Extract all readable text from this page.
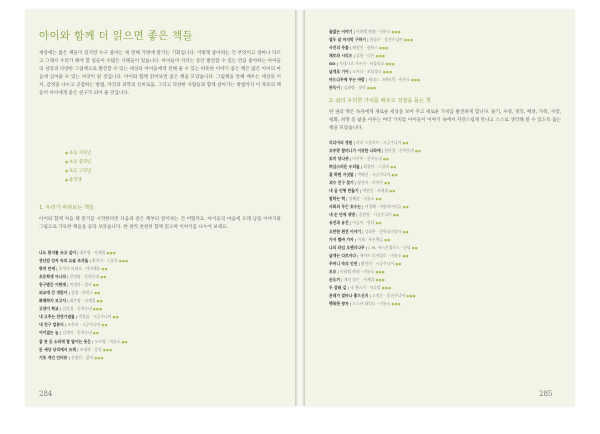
아이와 함께 더 읽으면 좋은 책들
세상에는 많은 책들이 있지만 누구 좋아는 세 번째 가방에 딸기는 기회입니다. 어떻게 좋아하는 건 무엇이고 얼마나 다르고 그래서 우리가 해야 할 일들이 수많은 사례들이 있습니다. 아이들이 자라는 동안 발견할 수 있는 만큼 좋아하는 아이들의 성장과 다양한 그림책으로 발견할 수 있는 세상과 아이들에게 전해 줄 수 있는 따뜻한 이야기 좋은 책은 많은 아이의 마음에 심어줄 수 있는 씨앗이 될 것입니다. 아이와 함께 읽어보면 좋은 책을 모았습니다. 그림책을 통해 배우는 세상의 이치, 감정을 나누고 공감하는 방법, 자연과 과학의 신비로움, 그리고 다양한 사람들과 함께 살아가는 방법까지 이 목록의 책들이 아이에게 좋은 친구가 되어 줄 것입니다.
● 초등 저학년
● 초등 중학년
● 초등 고학년
● 중학생
1. 우리가 바라보는 책들
아이와 함께 처음 책 읽기를 시작한다면 다음과 같은 책부터 읽어보는 건 어떨까요. 아이들의 마음에 오래 남을 이야기와 그림으로 가득한 책들을 골라 보았습니다. 한 권씩 천천히 함께 읽으며 이야기를 나누어 보세요.
나도 편지를 쓰고 싶어 | 최은영 · 사계절 ●●●
장난감 상자 속의 요술 조각들 | 황선미 · 스콜라 ●●●
방귀 만세 | 후쿠다 이와오 · 아이세움 ●●
초등학생 아니라 | 한정영 · 문학동네 ●●
동구밭은 어떤데 | 이정아 · 창비 ●●
외교에 간 개똥이 | 김원 · 현북스 ●●
화해하지 보고서 | 최은영 · 사계절 ●●
고양이 학교 | 김진경 · 문학동네 ●●●
내 고추는 천연기념물 | 박상률 · 시공주니어 ●●
내 친구 컴퓨터 | 조은희 · 시공주니어 ●●
어이없는 놈 | 김개미 · 문학동네 ●●
잘 못 든 소리에 할 말이는 못은 | 오주영 · 비룡소 ●●
돈 세상 낭리에서 쓰게 | 조재희 · 웅진 ●●●
기초 개인 인터뷰 | 진영인 · 창비 ●●●
284
끝없는 이야기 | 미하엘 엔데 · 비룡소 ●●●
열두 살 마지막 구하기 | 한솔수 · 웅진주니어 ●●●
사진의 주름 | 배정인 · 현북스 ●●●
체르와 시리즈 | 김헌 · 다른 ●●●
GO | 가네시로 가즈키 · 북폴리오 ●●●
날개로 기어 | 오카다 · 보물창고 ●●●
버드나무에 부는 바람 | 케네스 그레이엄 · 비룡소 ●●●
완득이 | 김려령 · 창비 ●●●
2. 삶의 우리한 가치를 배우고 성장을 돕는 책
한 권의 책은 독자에게 새로운 세상을 보여 주고 새로운 가치를 발견하게 합니다. 용기, 우정, 정직, 배려, 가족, 사랑, 평화, 희망 등 삶을 이루는 여러 가치를 아이들이 이야기 속에서 자연스럽게 만나고 스스로 생각해 볼 수 있도록 돕는 책을 모았습니다.
리디아의 정원 | 사라 스튜어트 · 시공주니어 ●●
꼬부랑 할머니가 이상한 나라에 | 한미경 · 문학동네 ●●
토끼 당나귀 | 이주미 · 문학동네 ●●
허삼스러운 우리들 | 최설아 · 스콜라 ●●
잘 하면 거짓말 | 박혜선 · 시공주니어 ●●
괴수 친구 찾기 | 황선미 · 이마주 ●●
내 곰 인형 만들기 | 박현진 · 사계절 ●●
말하는 떡 | 김혜진 · 비룡소 ●●
사회의 무슨 호수는 | 이경혜 · 바람의아이들 ●●
내 손 안에 생명 | 길현정 · 시공주니어 ●●
유진과 유진 | 이금이 · 밤티 ●●
오만한 편견 이야기 | 김하은 · 문학과지성사 ●●
가자 별바 가자 | 이재 · 푸른책들 ●●
나의 라임 오렌지나무 | J. M. 바스콘셀로스 · 동녘 ●●
날개는 다르자다 | 케이트 디카밀로 · 비룡소 ●●
주머니 속의 인연 | 황선미 · 시공주니어 ●●
모모 | 미하엘 엔데 · 비룡소 ●●●
손도끼 | 게리 폴슨 · 사계절 ●●●
두 갈래 길 | 닉 챈스키 · 마루벌 ●●●
몬테가 얼마나 좋으신지 | 고정순 · 웅진주니어 ●●●
행복한 왕자 | 오스카 와일드 · 비룡소 ●●●
285
